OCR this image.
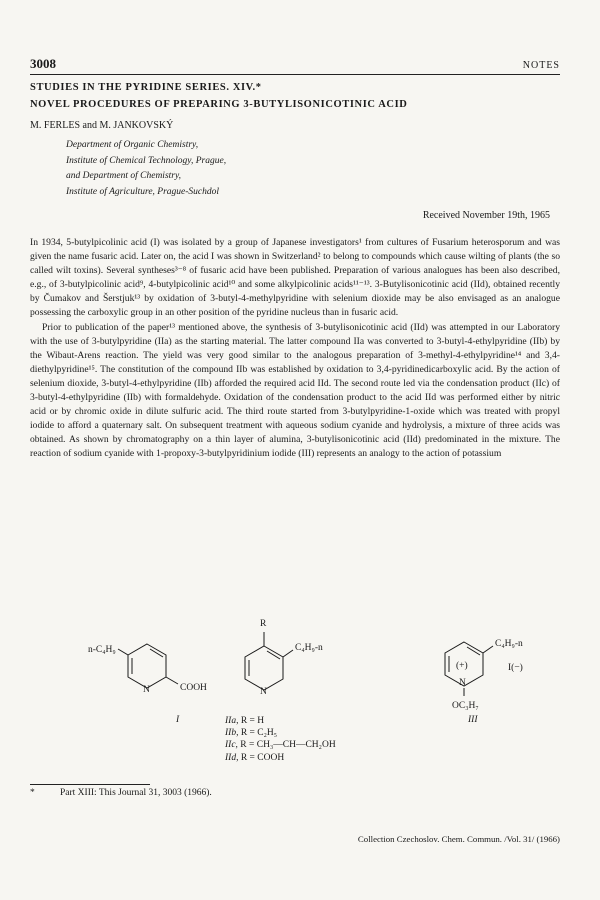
3008	NOTES
STUDIES IN THE PYRIDINE SERIES. XIV.*
NOVEL PROCEDURES OF PREPARING 3-BUTYLISONICOTINIC ACID
M. FERLES and M. JANKOVSKÝ
Department of Organic Chemistry,
Institute of Chemical Technology, Prague,
and Department of Chemistry,
Institute of Agriculture, Prague-Suchdol
Received November 19th, 1965

In 1934, 5-butylpicolinic acid (I) was isolated by a group of Japanese investigators¹ from cultures of Fusarium heterosporum and was given the name fusaric acid. Later on, the acid I was shown in Switzerland² to belong to compounds which cause wilting of plants (the so called wilt toxins). Several syntheses³⁻⁸ of fusaric acid have been published. Preparation of various analogues has been also described, e.g., of 3-butylpicolinic acid⁹, 4-butylpicolinic acid¹⁰ and some alkylpicolinic acids¹¹⁻¹³. 3-Butylisonicotinic acid (IId), obtained recently by Čumakov and Šerstjuk¹³ by oxidation of 3-butyl-4-methylpyridine with selenium dioxide may be also envisaged as an analogue possessing the carboxylic group in an other position of the pyridine nucleus than in fusaric acid.

Prior to publication of the paper¹³ mentioned above, the synthesis of 3-butylisonicotinic acid (IId) was attempted in our Laboratory with the use of 3-butylpyridine (IIa) as the starting material. The latter compound IIa was converted to 3-butyl-4-ethylpyridine (IIb) by the Wibaut-Arens reaction. The yield was very good similar to the analogous preparation of 3-methyl-4-ethylpyridine¹⁴ and 3,4-diethylpyridine¹⁵. The constitution of the compound IIb was established by oxidation to 3,4-pyridinedicarboxylic acid. By the action of selenium dioxide, 3-butyl-4-ethylpyridine (IIb) afforded the required acid IId. The second route led via the condensation product (IIc) of 3-butyl-4-ethylpyridine (IIb) with formaldehyde. Oxidation of the condensation product to the acid IId was performed either by nitric acid or by chromic oxide in dilute sulfuric acid. The third route started from 3-butylpyridine-1-oxide which was treated with propyl iodide to afford a quaternary salt. On subsequent treatment with aqueous sodium cyanide and hydrolysis, a mixture of three acids was obtained. As shown by chromatography on a thin layer of alumina, 3-butylisonicotinic acid (IId) predominated in the mixture. The reaction of sodium cyanide with 1-propoxy-3-butylpyridinium iodide (III) represents an analogy to the action of potassium

n-C₄H₉
N	COOH
I
R
C₄H₉-n
N
C₄H₉-n
(+)
N
I(−)
OC₃H₇
III
IIa, R = H
IIb, R = C₂H₅
IIc, R = CH₃—CH—CH₂OH
IId, R = COOH
*	Part XIII: This Journal 31, 3003 (1966).
Collection Czechoslov. Chem. Commun. /Vol. 31/ (1966)
